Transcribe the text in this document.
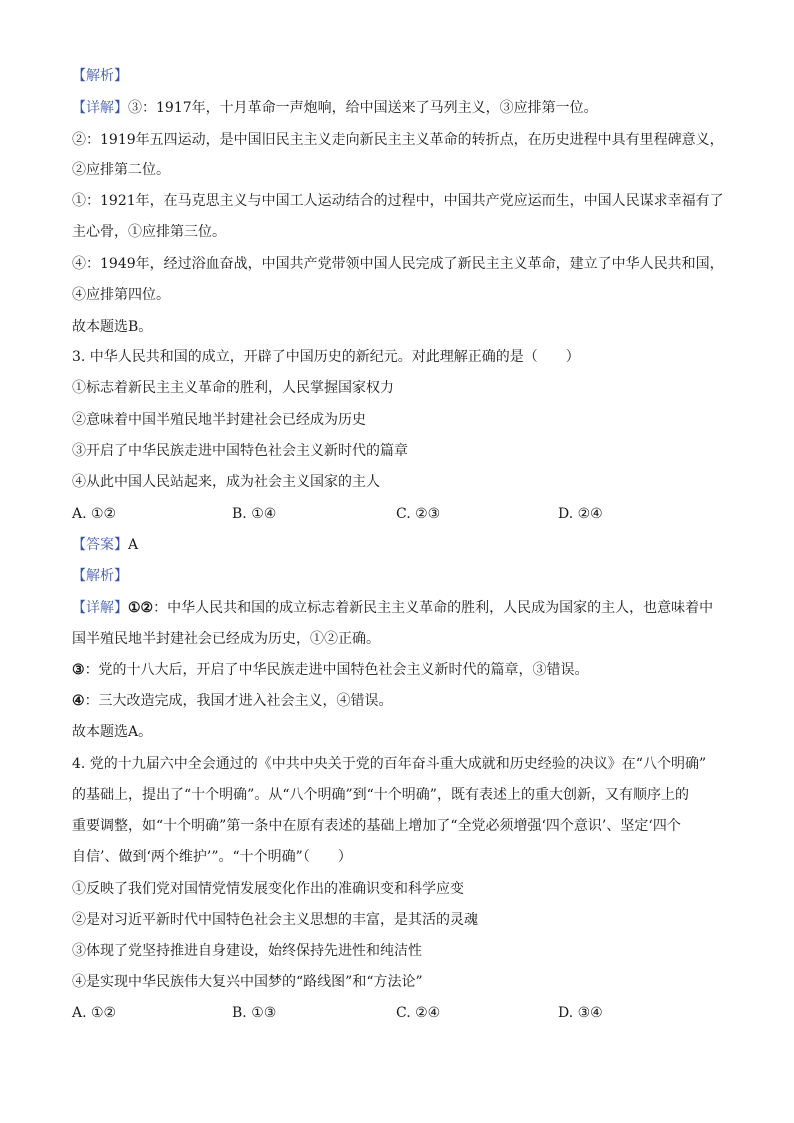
【解析】
【详解】③：1917年，十月革命一声炮响，给中国送来了马列主义，③应排第一位。
②：1919年五四运动，是中国旧民主主义走向新民主主义革命的转折点，在历史进程中具有里程碑意义，
②应排第二位。
①：1921年，在马克思主义与中国工人运动结合的过程中，中国共产党应运而生，中国人民谋求幸福有了
主心骨，①应排第三位。
④：1949年，经过浴血奋战，中国共产党带领中国人民完成了新民主主义革命，建立了中华人民共和国，
④应排第四位。
故本题选B。
3. 中华人民共和国的成立，开辟了中国历史的新纪元。对此理解正确的是（　　）
①标志着新民主主义革命的胜利，人民掌握国家权力
②意味着中国半殖民地半封建社会已经成为历史
③开启了中华民族走进中国特色社会主义新时代的篇章
④从此中国人民站起来，成为社会主义国家的主人
A. ①②	B. ①④	C. ②③	D. ②④
【答案】A
【解析】
【详解】①②：中华人民共和国的成立标志着新民主主义革命的胜利，人民成为国家的主人，也意味着中
国半殖民地半封建社会已经成为历史，①②正确。
③：党的十八大后，开启了中华民族走进中国特色社会主义新时代的篇章，③错误。
④：三大改造完成，我国才进入社会主义，④错误。
故本题选A。
4. 党的十九届六中全会通过的《中共中央关于党的百年奋斗重大成就和历史经验的决议》在“八个明确”
的基础上，提出了“十个明确”。从“八个明确”到“十个明确”，既有表述上的重大创新，又有顺序上的
重要调整，如“十个明确”第一条中在原有表述的基础上增加了“全党必须增强‘四个意识’、坚定‘四个
自信’、做到‘两个维护’”。“十个明确”（　　）
①反映了我们党对国情党情发展变化作出的准确识变和科学应变
②是对习近平新时代中国特色社会主义思想的丰富，是其活的灵魂
③体现了党坚持推进自身建设，始终保持先进性和纯洁性
④是实现中华民族伟大复兴中国梦的“路线图”和“方法论”
A. ①②	B. ①③	C. ②④	D. ③④
